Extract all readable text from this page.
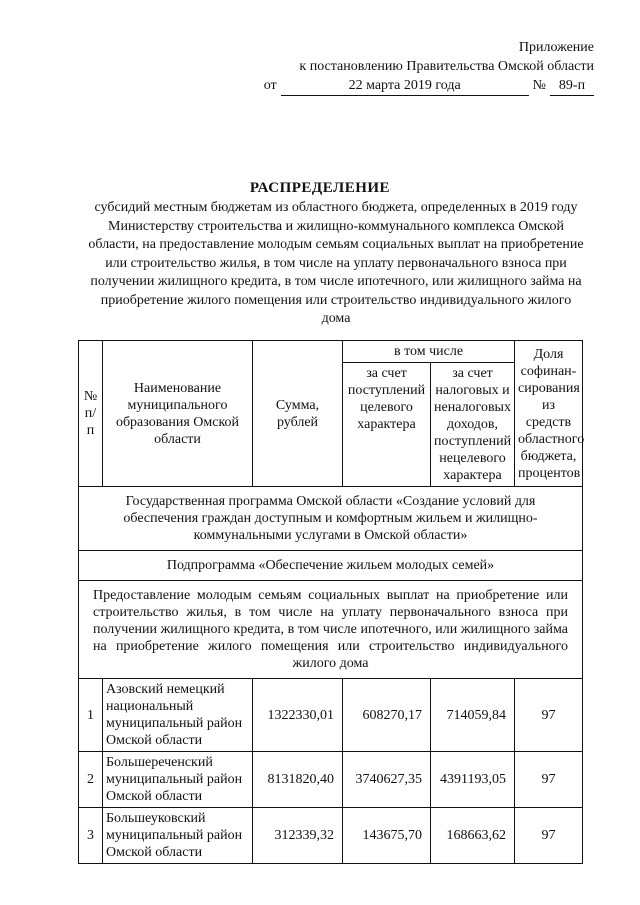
Приложение
к постановлению Правительства Омской области
от	22 марта 2019 года	№ 89-п
РАСПРЕДЕЛЕНИЕ
субсидий местным бюджетам из областного бюджета, определенных в 2019 году Министерству строительства и жилищно-коммунального комплекса Омской области, на предоставление молодым семьям социальных выплат на приобретение или строительство жилья, в том числе на уплату первоначального взноса при получении жилищного кредита, в том числе ипотечного, или жилищного займа на приобретение жилого помещения или строительство индивидуального жилого дома
№ п/п	Наименование муниципального образования Омской области	Сумма, рублей	в том числе		Доля софинан-сирования из средств областного бюджета, процентов
			за счет поступлений целевого характера	за счет налоговых и неналоговых доходов, поступлений нецелевого характера	
Государственная программа Омской области «Создание условий для обеспечения граждан доступным и комфортным жильем и жилищно-коммунальными услугами в Омской области»					
Подпрограмма «Обеспечение жильем молодых семей»					
Предоставление молодым семьям социальных выплат на приобретение или строительство жилья, в том числе на уплату первоначального взноса при получении жилищного кредита, в том числе ипотечного, или жилищного займа на приобретение жилого помещения или строительство индивидуального жилого дома					
1	Азовский немецкий национальный муниципальный район Омской области	1322330,01	608270,17	714059,84	97
2	Большереченский муниципальный район Омской области	8131820,40	3740627,35	4391193,05	97
3	Большеуковский муниципальный район Омской области	312339,32	143675,70	168663,62	97
